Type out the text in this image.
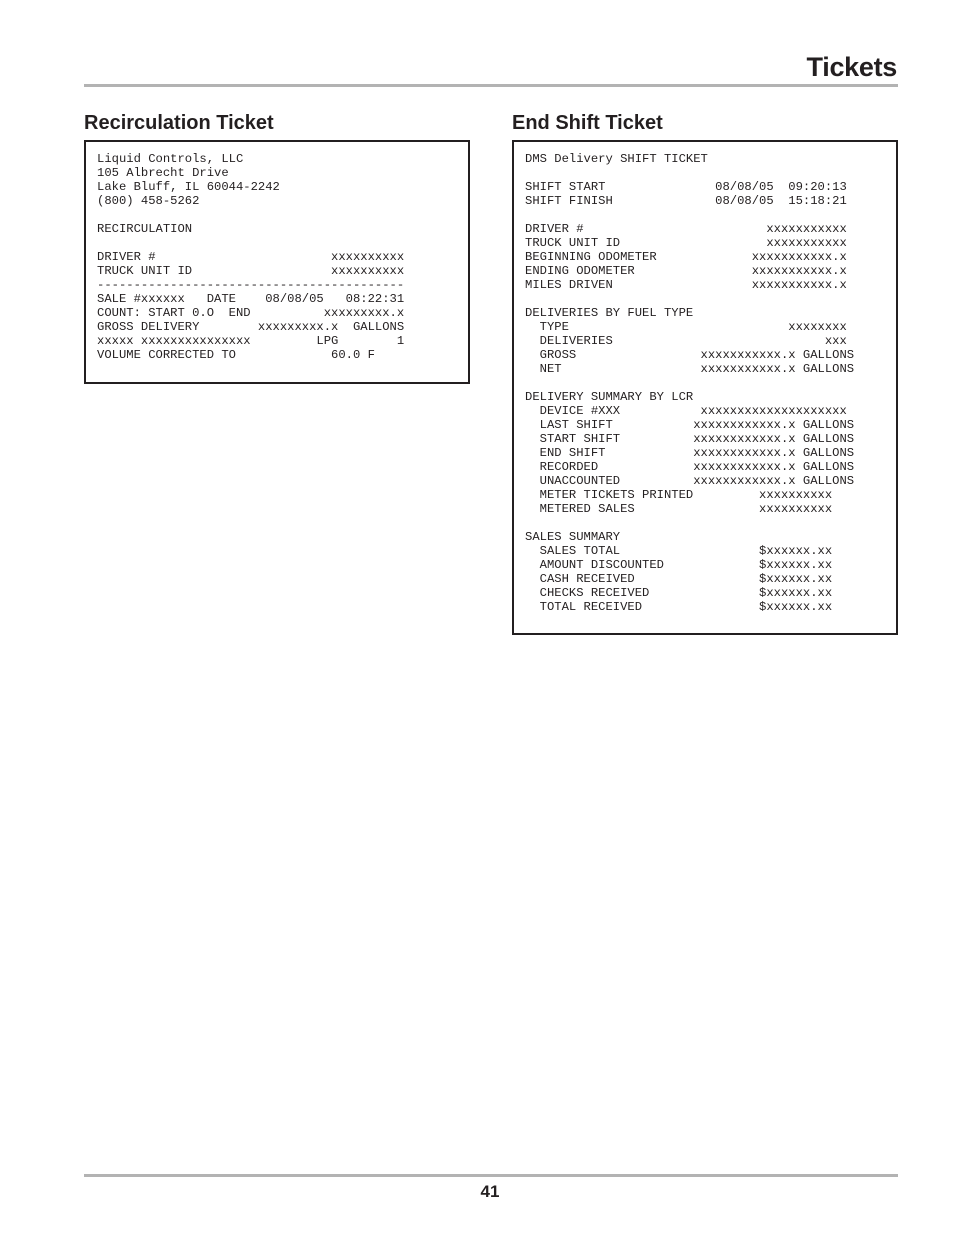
Tickets
Recirculation Ticket
Liquid Controls, LLC
105 Albrecht Drive
Lake Bluff, IL 60044-2242
(800) 458-5262

RECIRCULATION

DRIVER #                        xxxxxxxxxx
TRUCK UNIT ID                   xxxxxxxxxx
------------------------------------------
SALE #xxxxxx   DATE    08/08/05   08:22:31
COUNT: START 0.O  END          xxxxxxxxx.x
GROSS DELIVERY        xxxxxxxxx.x  GALLONS
xxxxx xxxxxxxxxxxxxxx         LPG        1
VOLUME CORRECTED TO             60.0 F
End Shift Ticket
DMS Delivery SHIFT TICKET

SHIFT START               08/08/05  09:20:13
SHIFT FINISH              08/08/05  15:18:21

DRIVER #                         xxxxxxxxxxx
TRUCK UNIT ID                    xxxxxxxxxxx
BEGINNING ODOMETER             xxxxxxxxxxx.x
ENDING ODOMETER                xxxxxxxxxxx.x
MILES DRIVEN                   xxxxxxxxxxx.x

DELIVERIES BY FUEL TYPE
TYPE                              xxxxxxxx
DELIVERIES                             xxx
GROSS                 xxxxxxxxxxx.x GALLONS
NET                   xxxxxxxxxxx.x GALLONS

DELIVERY SUMMARY BY LCR
DEVICE #XXX           xxxxxxxxxxxxxxxxxxxx
LAST SHIFT           xxxxxxxxxxxx.x GALLONS
START SHIFT          xxxxxxxxxxxx.x GALLONS
END SHIFT            xxxxxxxxxxxx.x GALLONS
RECORDED             xxxxxxxxxxxx.x GALLONS
UNACCOUNTED          xxxxxxxxxxxx.x GALLONS
METER TICKETS PRINTED         xxxxxxxxxx
METERED SALES                 xxxxxxxxxx

SALES SUMMARY
SALES TOTAL                   $xxxxxx.xx
AMOUNT DISCOUNTED             $xxxxxx.xx
CASH RECEIVED                 $xxxxxx.xx
CHECKS RECEIVED               $xxxxxx.xx
TOTAL RECEIVED                $xxxxxx.xx
41
